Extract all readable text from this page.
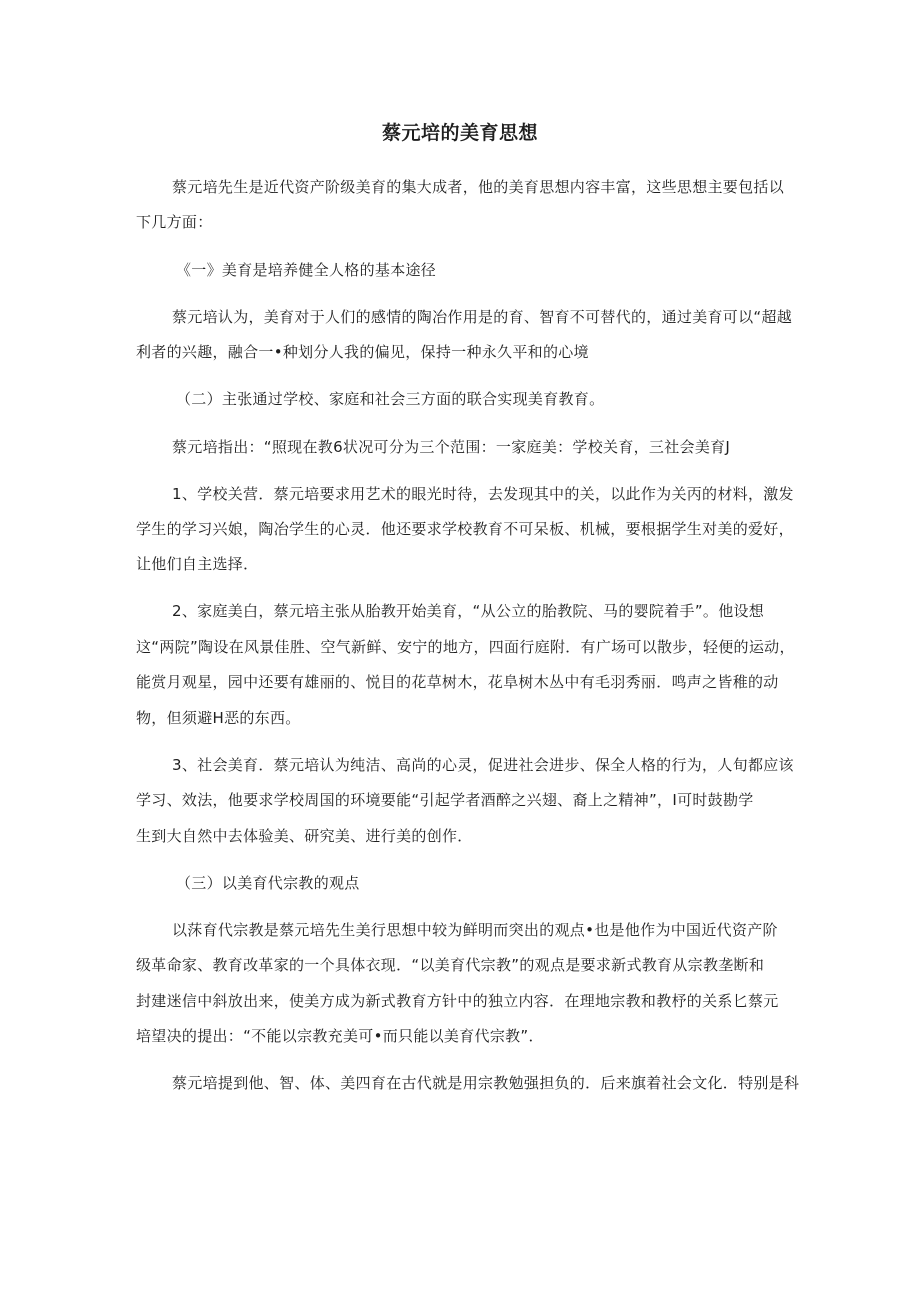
蔡元培的美育思想
蔡元培先生是近代资产阶级美育的集大成者，他的美育思想内容丰富，这些思想主要包括以
下几方面：
《一》美育是培养健全人格的基本途径
蔡元培认为，美育对于人们的感情的陶冶作用是的育、智育不可替代的，通过美育可以“超越
利者的兴趣，融合一•种划分人我的偏见，保持一种永久平和的心境
（二）主张通过学校、家庭和社会三方面的联合实现美育教育。
蔡元培指出：“照现在教6状况可分为三个范围：一家庭美：学校关育，三社会美育J
1、学校关营．蔡元培要求用艺术的眼光时待，去发现其中的关，以此作为关丙的材料，激发
学生的学习兴娘，陶冶学生的心灵．他还要求学校教育不可呆板、机械，要根据学生对美的爱好，
让他们自主选择．
2、家庭美白，蔡元培主张从胎教开始美育，“从公立的胎教院、马的婴院着手”。他设想
这“两院”陶设在风景佳胜、空气新鲜、安宁的地方，四面行庭附．有广场可以散步，轻便的运动，
能赏月观星，园中还要有雄丽的、悦目的花草树木，花阜树木丛中有毛羽秀丽．鸣声之皆稚的动
物，但须避H恶的东西。
3、社会美育．蔡元培认为纯洁、高尚的心灵，促进社会进步、保全人格的行为，人旬都应该
学习、效法，他要求学校周国的环境要能“引起学者酒醉之兴翅、裔上之精神”，I可时鼓勘学
生到大自然中去体验美、研究美、进行美的创作．
（三）以美育代宗教的观点
以莯育代宗教是蔡元培先生美行思想中较为鲜明而突出的观点•也是他作为中国近代资产阶
级革命家、教育改革家的一个具体衣现．“以美育代宗教”的观点是要求新式教育从宗教垄断和
封建迷信中斜放出来，使美方成为新式教育方针中的独立内容．在理地宗教和教杼的关系匕蔡元
培望决的提出：“不能以宗教充美可•而只能以美育代宗教”．
蔡元培提到他、智、体、美四育在古代就是用宗教勉强担负的．后来旗着社会文化．特别是科
